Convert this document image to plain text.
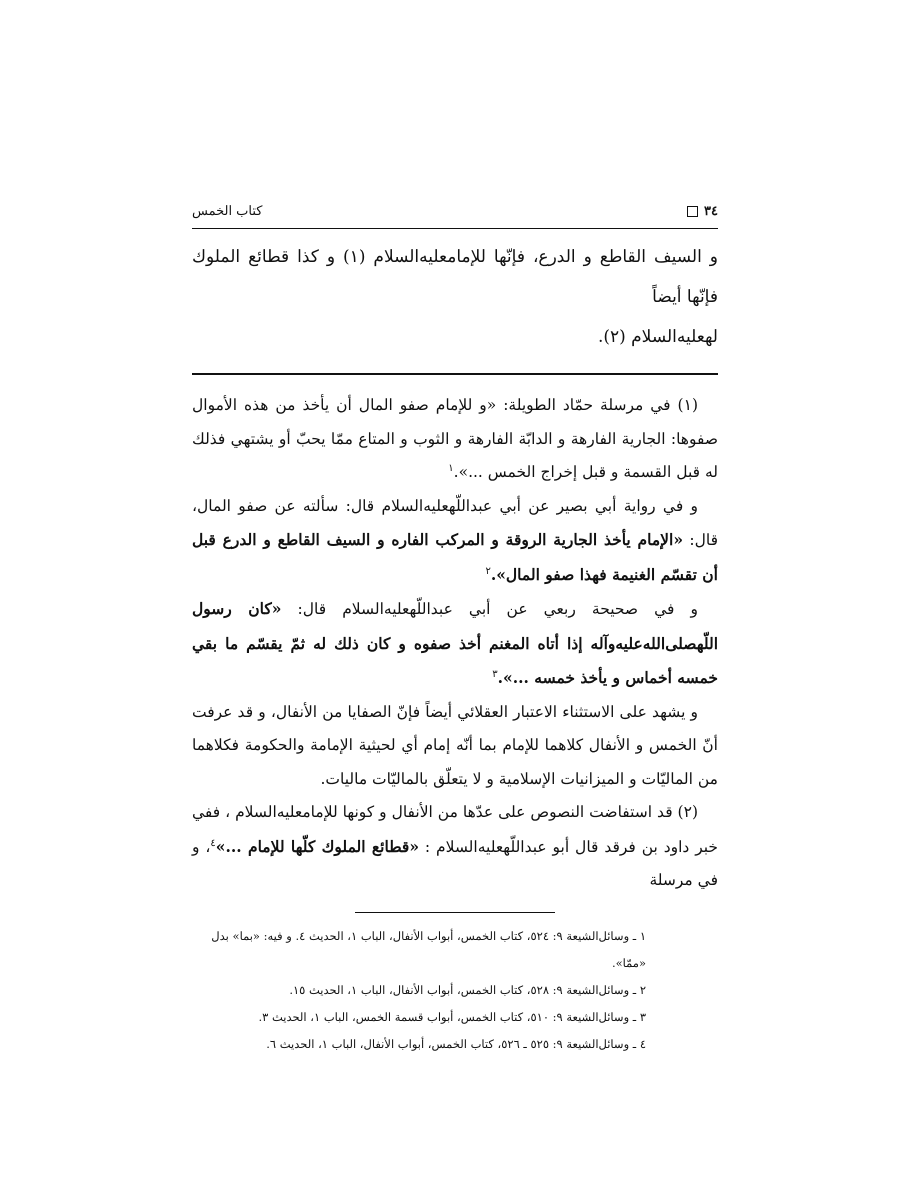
٣٤
كتاب الخمس
و السيف القاطع و الدرع، فإنّها للإمامعليه‌السلام (١) و كذا قطائع الملوك فإنّها أيضاً
لهعليه‌السلام (٢).

(١) في مرسلة حمّاد الطويلة: «و للإمام صفو المال أن يأخذ من هذه الأموال صفوها: الجارية الفارهة و الدابّة الفارهة و الثوب و المتاع ممّا يحبّ أو يشتهي فذلك له قبل القسمة و قبل إخراج الخمس ...».$^١$

و في رواية أبي بصير عن أبي عبداللّهعليه‌السلام قال: سألته عن صفو المال، قال: «الإمام يأخذ الجارية الروقة و المركب الفاره و السيف القاطع و الدرع قبل أن تقسّم الغنيمة فهذا صفو المال».$^٢$

و في صحيحة ربعي عن أبي عبداللّهعليه‌السلام قال: «كان رسول اللّهصلى‌الله‌عليه‌وآله إذا أتاه المغنم أخذ صفوه و كان ذلك له ثمّ يقسّم ما بقي خمسه أخماس و يأخذ خمسه ...».$^٣$

و يشهد على الاستثناء الاعتبار العقلائي أيضاً فإنّ الصفايا من الأنفال، و قد عرفت أنّ الخمس و الأنفال كلاهما للإمام بما أنّه إمام أي لحيثية الإمامة والحكومة فكلاهما من الماليّات و الميزانيات الإسلامية و لا يتعلّق بالماليّات ماليات.

(٢) قد استفاضت النصوص على عدّها من الأنفال و كونها للإمامعليه‌السلام ، ففي خبر داود بن فرقد قال أبو عبداللّهعليه‌السلام : «قطائع الملوك كلّها للإمام ...»$^٤$، و في مرسلة

١ ـ وسائل‌الشيعة ٩: ٥٢٤، كتاب الخمس، أبواب الأنفال، الباب ١، الحديث ٤. و فيه: «بما» بدل «ممّا».
٢ ـ وسائل‌الشيعة ٩: ٥٢٨، كتاب الخمس، أبواب الأنفال، الباب ١، الحديث ١٥.
٣ ـ وسائل‌الشيعة ٩: ٥١٠، كتاب الخمس، أبواب قسمة الخمس، الباب ١، الحديث ٣.
٤ ـ وسائل‌الشيعة ٩: ٥٢٥ ـ ٥٢٦، كتاب الخمس، أبواب الأنفال، الباب ١، الحديث ٦.
